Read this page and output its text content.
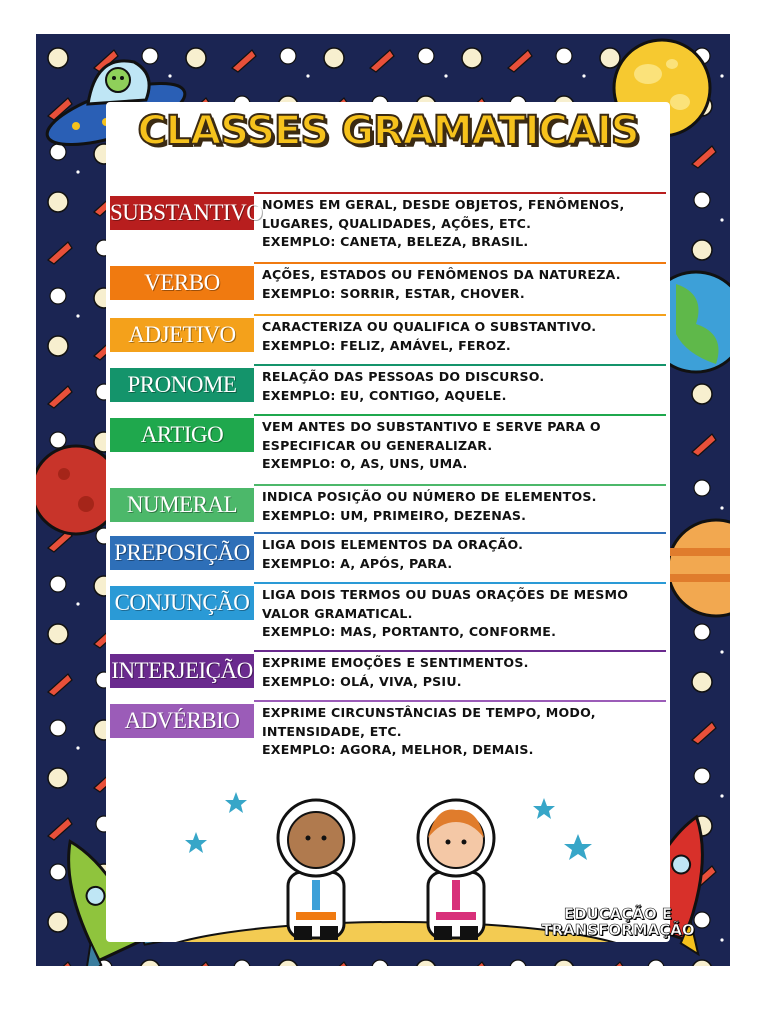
CLASSES GRAMATICAIS
SUBSTANTIVO NOMES EM GERAL, DESDE OBJETOS, FENÔMENOS,
LUGARES, QUALIDADES, AÇÕES, ETC.
EXEMPLO: CANETA, BELEZA, BRASIL.
VERBO	AÇÕES, ESTADOS OU FENÔMENOS DA NATUREZA.
EXEMPLO: SORRIR, ESTAR, CHOVER.
ADJETIVO	CARACTERIZA OU QUALIFICA O SUBSTANTIVO.
EXEMPLO: FELIZ, AMÁVEL, FEROZ.
PRONOME	RELAÇÃO DAS PESSOAS DO DISCURSO.
EXEMPLO: EU, CONTIGO, AQUELE.
ARTIGO	VEM ANTES DO SUBSTANTIVO E SERVE PARA O
ESPECIFICAR OU GENERALIZAR.
EXEMPLO: O, AS, UNS, UMA.
NUMERAL	INDICA POSIÇÃO OU NÚMERO DE ELEMENTOS.
EXEMPLO: UM, PRIMEIRO, DEZENAS.
PREPOSIÇÃO LIGA DOIS ELEMENTOS DA ORAÇÃO.
EXEMPLO: A, APÓS, PARA.
CONJUNÇÃO	LIGA DOIS TERMOS OU DUAS ORAÇÕES DE MESMO
VALOR GRAMATICAL.
EXEMPLO: MAS, PORTANTO, CONFORME.
INTERJEIÇÃO EXPRIME EMOÇÕES E SENTIMENTOS.
EXEMPLO: OLÁ, VIVA, PSIU.
ADVÉRBIO	EXPRIME CIRCUNSTÂNCIAS DE TEMPO, MODO,
INTENSIDADE, ETC.
EXEMPLO: AGORA, MELHOR, DEMAIS.
EDUCAÇÃO E
TRANSFORMAÇÃO
